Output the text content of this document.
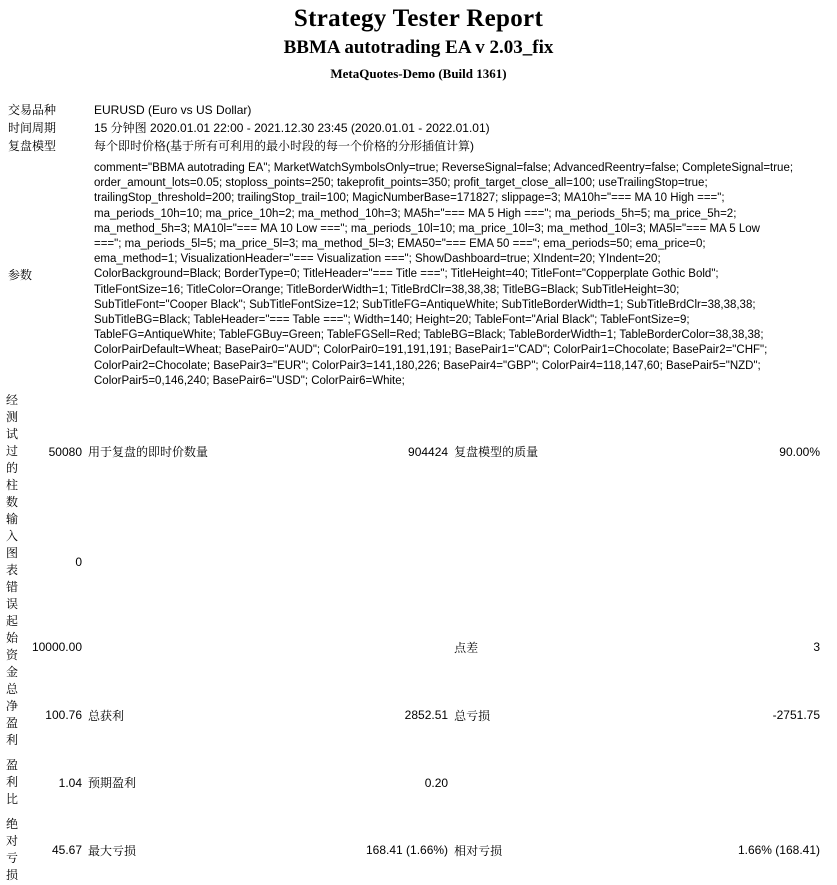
Strategy Tester Report
BBMA autotrading EA v 2.03_fix
MetaQuotes-Demo (Build 1361)
交易品种	EURUSD (Euro vs US Dollar)
时间周期	15 分钟图 2020.01.01 22:00 - 2021.12.30 23:45 (2020.01.01 - 2022.01.01)
复盘模型	每个即时价格(基于所有可利用的最小时段的每一个价格的分形插值计算)
参数	
comment="BBMA autotrading EA"; MarketWatchSymbolsOnly=true; ReverseSignal=false; AdvancedReentry=false; CompleteSignal=true;
order_amount_lots=0.05; stoploss_points=250; takeprofit_points=350; profit_target_close_all=100; useTrailingStop=true;
trailingStop_threshold=200; trailingStop_trail=100; MagicNumberBase=171827; slippage=3; MA10h="=== MA 10 High ===";
ma_periods_10h=10; ma_price_10h=2; ma_method_10h=3; MA5h="=== MA 5 High ==="; ma_periods_5h=5; ma_price_5h=2;
ma_method_5h=3; MA10l="=== MA 10 Low ==="; ma_periods_10l=10; ma_price_10l=3; ma_method_10l=3; MA5l="=== MA 5 Low
==="; ma_periods_5l=5; ma_price_5l=3; ma_method_5l=3; EMA50="=== EMA 50 ==="; ema_periods=50; ema_price=0;
ema_method=1; VisualizationHeader="=== Visualization ==="; ShowDashboard=true; XIndent=20; YIndent=20;
ColorBackground=Black; BorderType=0; TitleHeader="=== Title ==="; TitleHeight=40; TitleFont="Copperplate Gothic Bold";
TitleFontSize=16; TitleColor=Orange; TitleBorderWidth=1; TitleBrdClr=38,38,38; TitleBG=Black; SubTitleHeight=30;
SubTitleFont="Cooper Black"; SubTitleFontSize=12; SubTitleFG=AntiqueWhite; SubTitleBorderWidth=1; SubTitleBrdClr=38,38,38;
SubTitleBG=Black; TableHeader="=== Table ==="; Width=140; Height=20; TableFont="Arial Black"; TableFontSize=9;
TableFG=AntiqueWhite; TableFGBuy=Green; TableFGSell=Red; TableBG=Black; TableBorderWidth=1; TableBorderColor=38,38,38;
ColorPairDefault=Wheat; BasePair0="AUD"; ColorPair0=191,191,191; BasePair1="CAD"; ColorPair1=Chocolate; BasePair2="CHF";
ColorPair2=Chocolate; BasePair3="EUR"; ColorPair3=141,180,226; BasePair4="GBP"; ColorPair4=118,147,60; BasePair5="NZD";
ColorPair5=0,146,240; BasePair6="USD"; ColorPair6=White;
经
测
试
过
的
柱
数
	50080	用于复盘的即时价数量	904424	复盘模型的质量	90.00%

输
入
图
表
错
误
	0				

起
始
资
金	10000.00			点差	3

总
净
盈
利	100.76	总获利	2852.51	总亏损	-2751.75

盈
利
比	1.04	预期盈利	0.20		

绝
对
亏
损	45.67	最大亏损	168.41 (1.66%)	相对亏损	1.66% (168.41)
